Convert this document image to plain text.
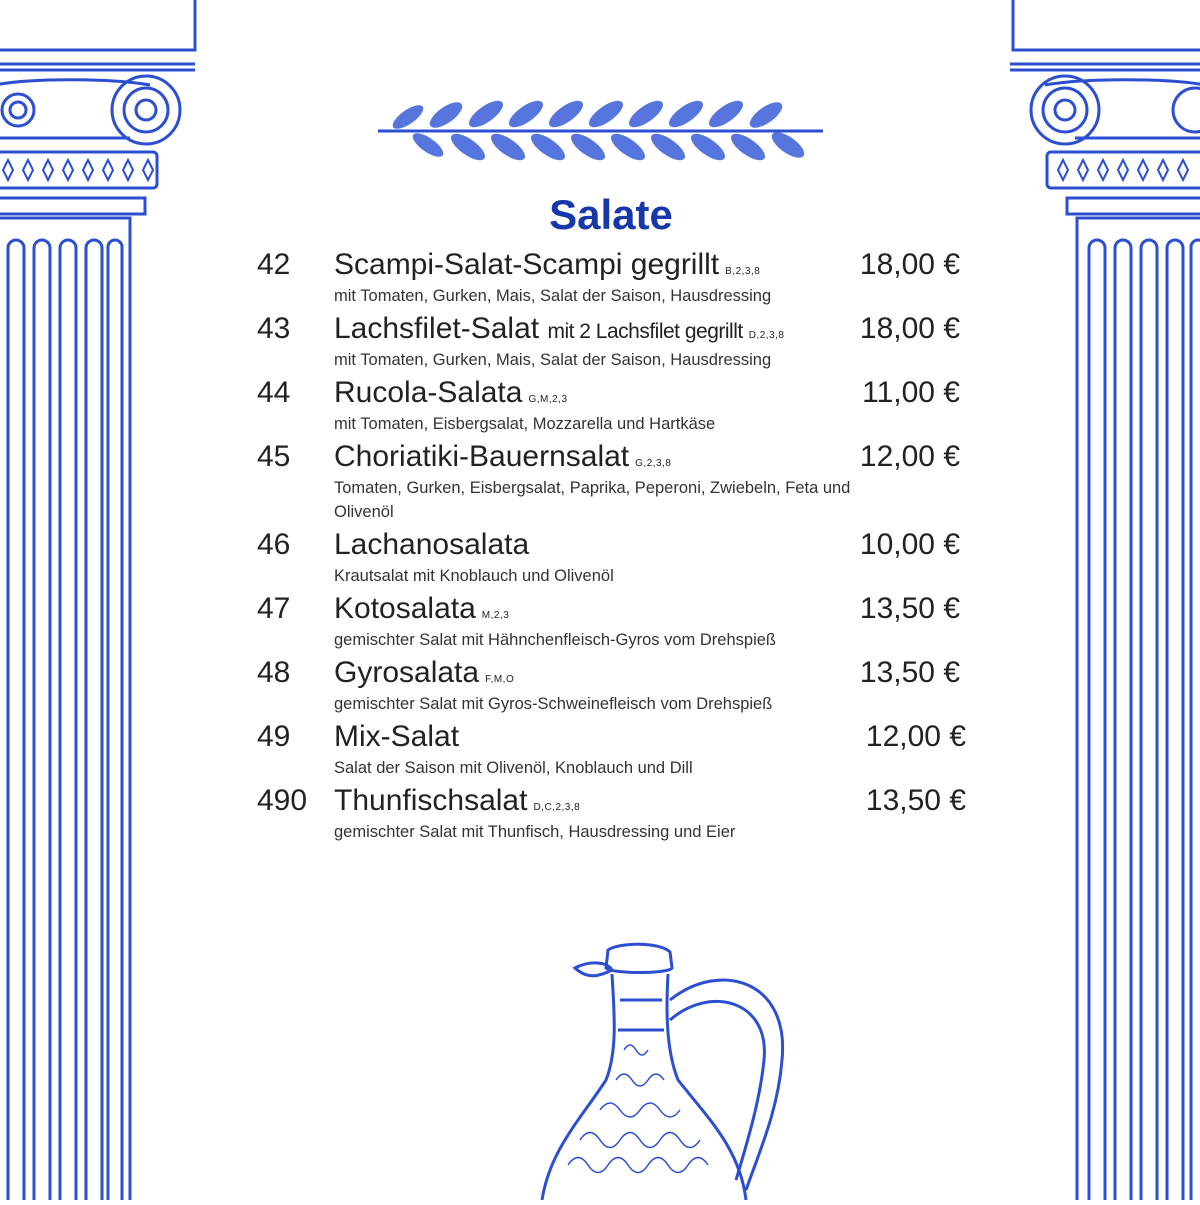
Salate
42 Scampi-Salat-Scampi gegrillt B,2,3,8	18,00 €
mit Tomaten, Gurken, Mais, Salat der Saison, Hausdressing
43 Lachsfilet-Salat mit 2 Lachsfilet gegrillt D,2,3,8	18,00 €
mit Tomaten, Gurken, Mais, Salat der Saison, Hausdressing
44 Rucola-Salata G,M,2,3	11,00 €
mit Tomaten, Eisbergsalat, Mozzarella und Hartkäse
45 Choriatiki-Bauernsalat G,2,3,8	12,00 €
Tomaten, Gurken, Eisbergsalat, Paprika, Peperoni, Zwiebeln, Feta und Olivenöl
46 Lachanosalata	10,00 €
Krautsalat mit Knoblauch und Olivenöl
47 Kotosalata M,2,3	13,50 €
gemischter Salat mit Hähnchenfleisch-Gyros vom Drehspieß
48 Gyrosalata F,M,O	13,50 €
gemischter Salat mit Gyros-Schweinefleisch vom Drehspieß
49 Mix-Salat	12,00 €
Salat der Saison mit Olivenöl, Knoblauch und Dill
490 Thunfischsalat D,C,2,3,8	13,50 €
gemischter Salat mit Thunfisch, Hausdressing und Eier
